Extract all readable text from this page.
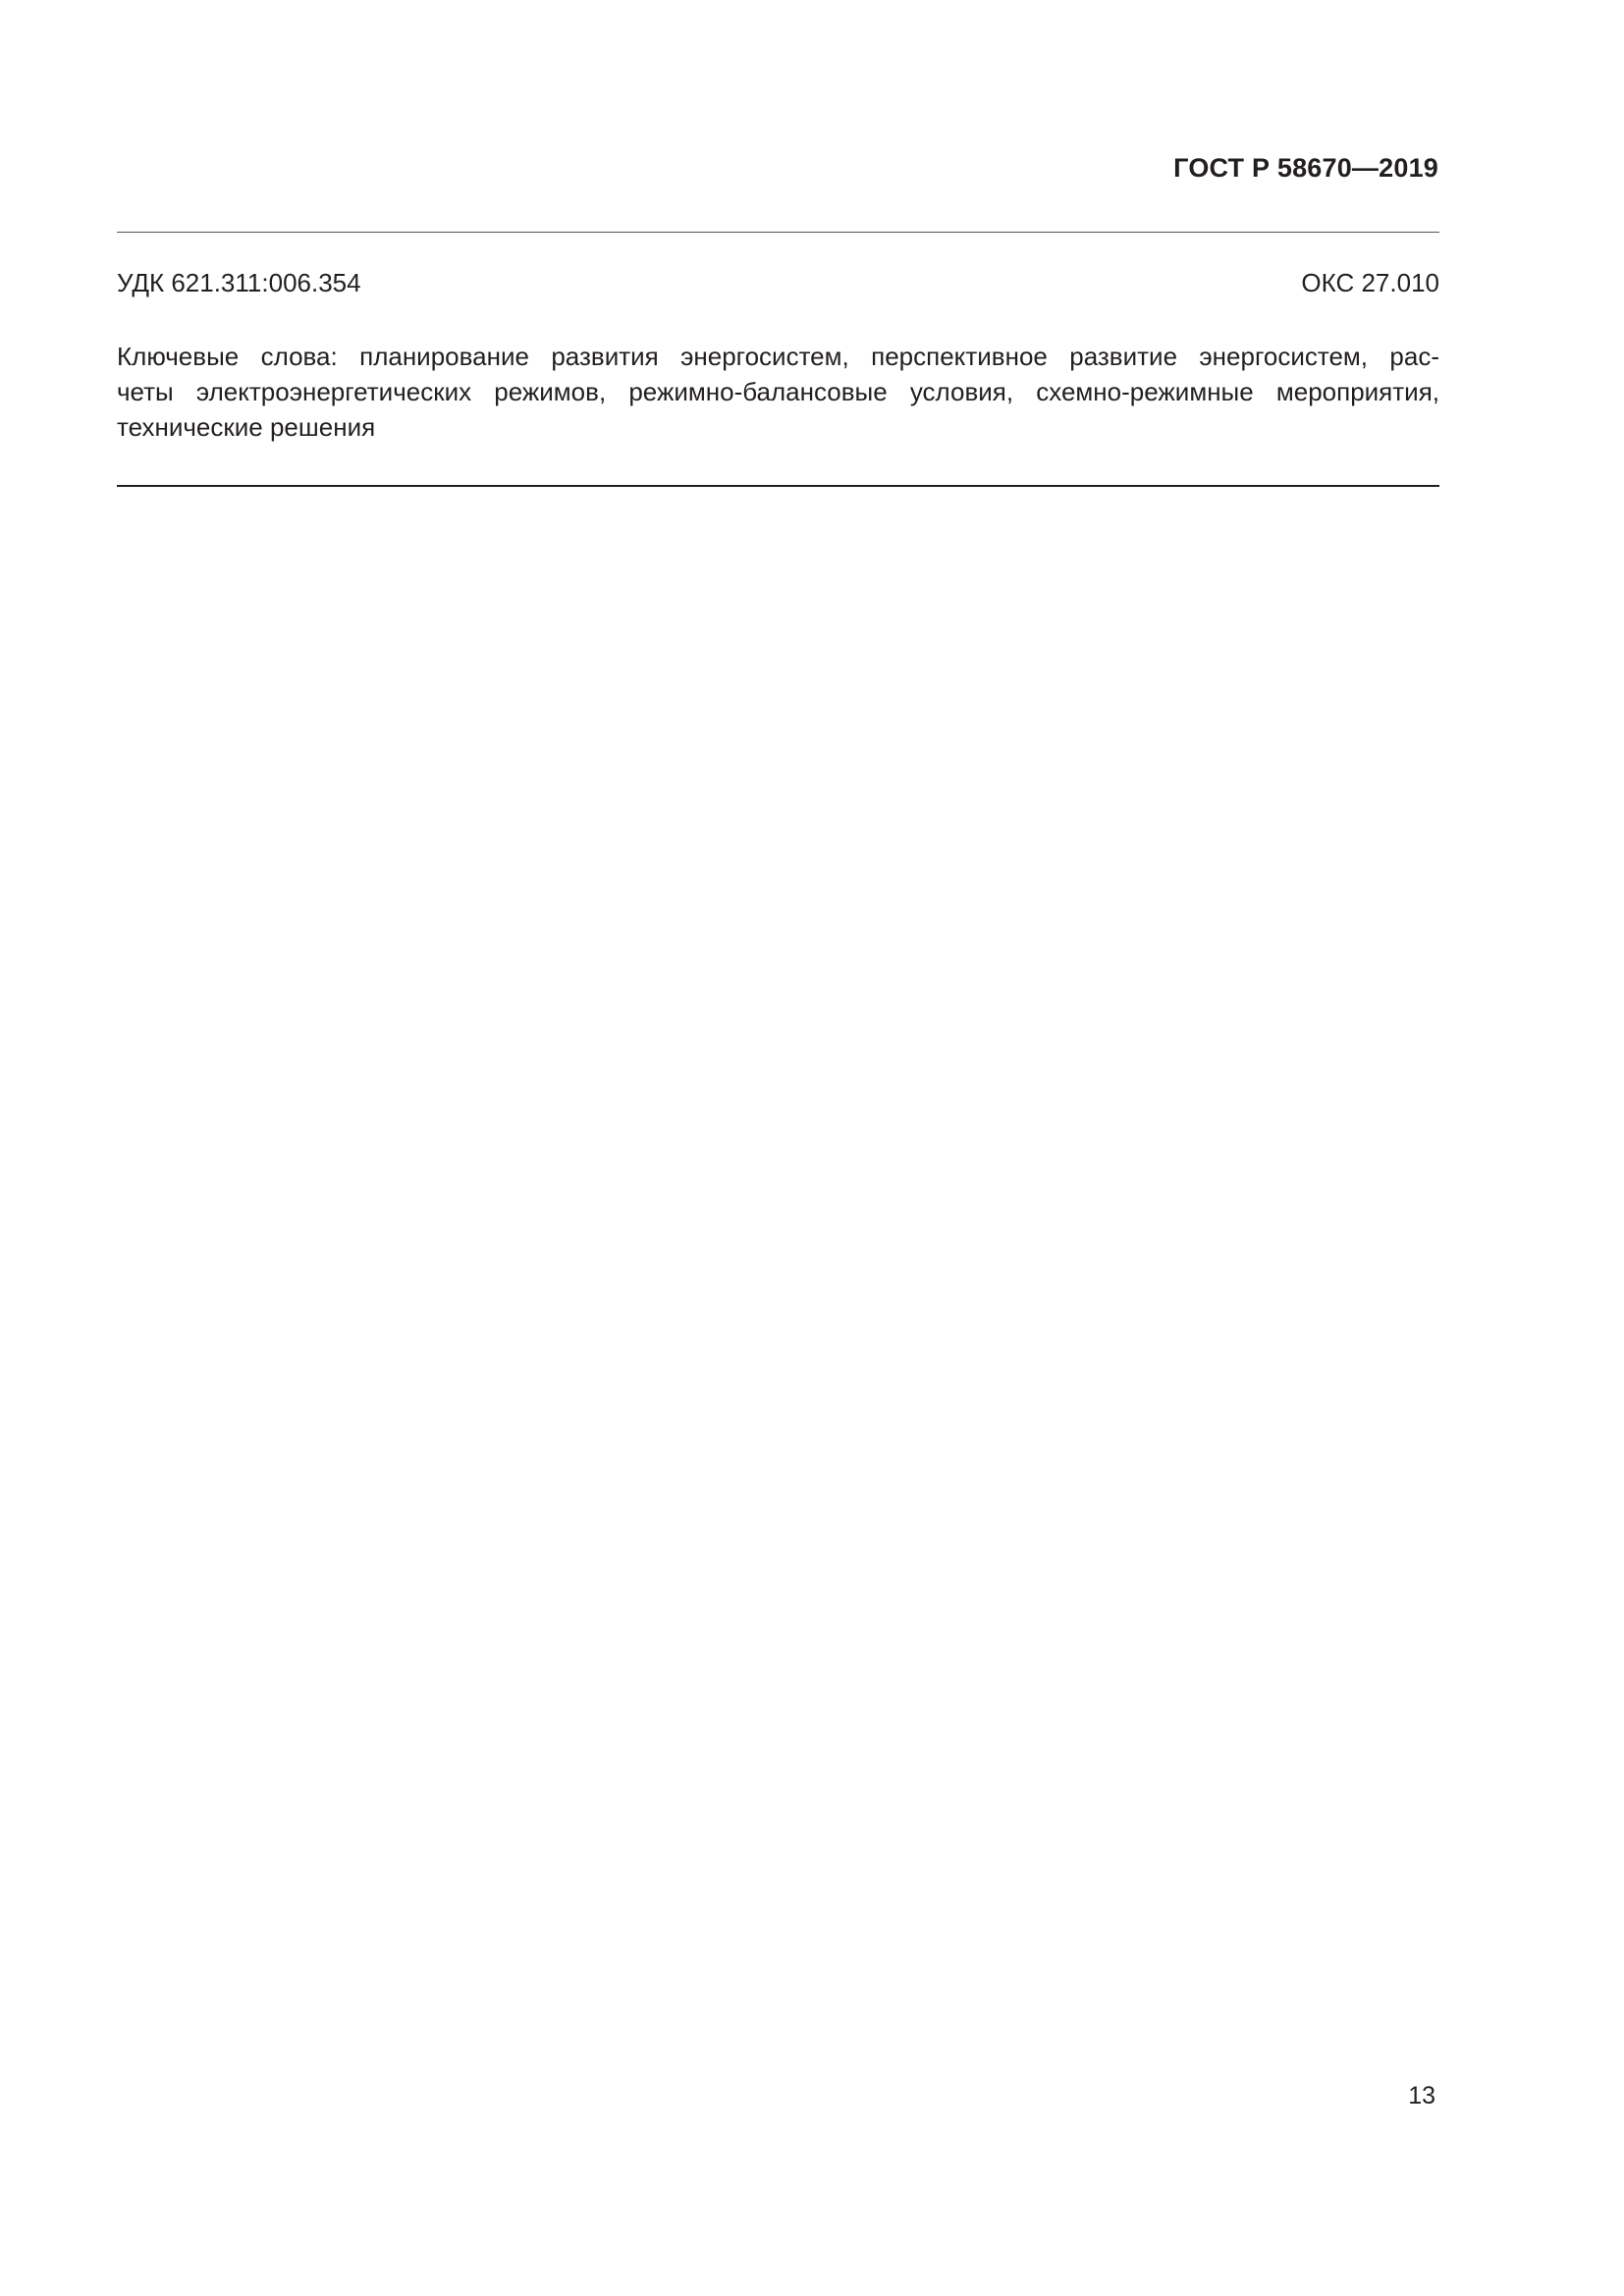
ГОСТ Р 58670—2019
УДК 621.311:006.354	ОКС 27.010
Ключевые слова: планирование развития энергосистем, перспективное развитие энергосистем, рас-
четы электроэнергетических режимов, режимно-балансовые условия, схемно-режимные мероприятия,
технические решения
13
